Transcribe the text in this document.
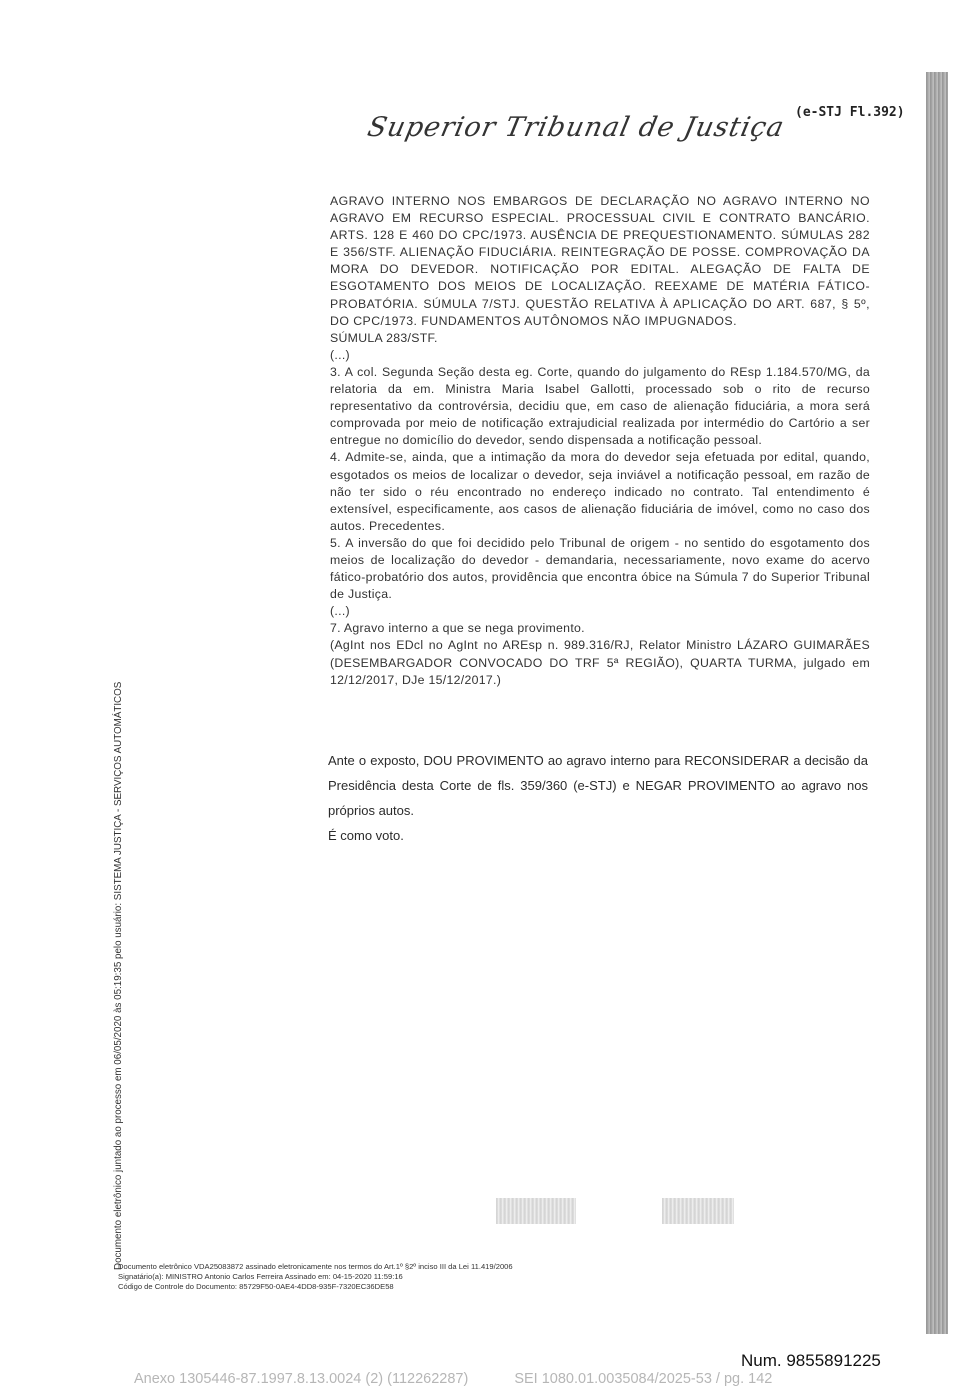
(e-STJ Fl.392)
Superior Tribunal de Justiça

AGRAVO INTERNO NOS EMBARGOS DE DECLARAÇÃO NO AGRAVO INTERNO NO AGRAVO EM RECURSO ESPECIAL. PROCESSUAL CIVIL E CONTRATO BANCÁRIO. ARTS. 128 E 460 DO CPC/1973. AUSÊNCIA DE PREQUESTIONAMENTO. SÚMULAS 282 E 356/STF. ALIENAÇÃO FIDUCIÁRIA. REINTEGRAÇÃO DE POSSE. COMPROVAÇÃO DA MORA DO DEVEDOR. NOTIFICAÇÃO POR EDITAL. ALEGAÇÃO DE FALTA DE ESGOTAMENTO DOS MEIOS DE LOCALIZAÇÃO. REEXAME DE MATÉRIA FÁTICO-PROBATÓRIA. SÚMULA 7/STJ. QUESTÃO RELATIVA À APLICAÇÃO DO ART. 687, § 5º, DO CPC/1973. FUNDAMENTOS AUTÔNOMOS NÃO IMPUGNADOS.

SÚMULA 283/STF.

(...)

3. A col. Segunda Seção desta eg. Corte, quando do julgamento do REsp 1.184.570/MG, da relatoria da em. Ministra Maria Isabel Gallotti, processado sob o rito de recurso representativo da controvérsia, decidiu que, em caso de alienação fiduciária, a mora será comprovada por meio de notificação extrajudicial realizada por intermédio do Cartório a ser entregue no domicílio do devedor, sendo dispensada a notificação pessoal.

4. Admite-se, ainda, que a intimação da mora do devedor seja efetuada por edital, quando, esgotados os meios de localizar o devedor, seja inviável a notificação pessoal, em razão de não ter sido o réu encontrado no endereço indicado no contrato. Tal entendimento é extensível, especificamente, aos casos de alienação fiduciária de imóvel, como no caso dos autos. Precedentes.

5. A inversão do que foi decidido pelo Tribunal de origem - no sentido do esgotamento dos meios de localização do devedor - demandaria, necessariamente, novo exame do acervo fático-probatório dos autos, providência que encontra óbice na Súmula 7 do Superior Tribunal de Justiça.

(...)

7. Agravo interno a que se nega provimento.

(AgInt nos EDcl no AgInt no AREsp n. 989.316/RJ, Relator Ministro LÁZARO GUIMARÃES (DESEMBARGADOR CONVOCADO DO TRF 5ª REGIÃO), QUARTA TURMA, julgado em 12/12/2017, DJe 15/12/2017.)

Ante o exposto, DOU PROVIMENTO ao agravo interno para RECONSIDERAR a decisão da Presidência desta Corte de fls. 359/360 (e-STJ) e NEGAR PROVIMENTO ao agravo nos próprios autos.

É como voto.

Documento eletrônico juntado ao processo em 06/05/2020 às 05:19:35 pelo usuário: SISTEMA JUSTIÇA - SERVIÇOS AUTOMÁTICOS
Documento eletrônico VDA25083872 assinado eletronicamente nos termos do Art.1º §2º inciso III da Lei 11.419/2006
Signatário(a): MINISTRO Antonio Carlos Ferreira Assinado em: 04-15-2020 11:59:16
Código de Controle do Documento: 85729F50-0AE4-4DD8-935F-7320EC36DE58
Num. 9855891225
Anexo 1305446-87.1997.8.13.0024 (2) (112262287)	SEI 1080.01.0035084/2025-53 / pg. 142
